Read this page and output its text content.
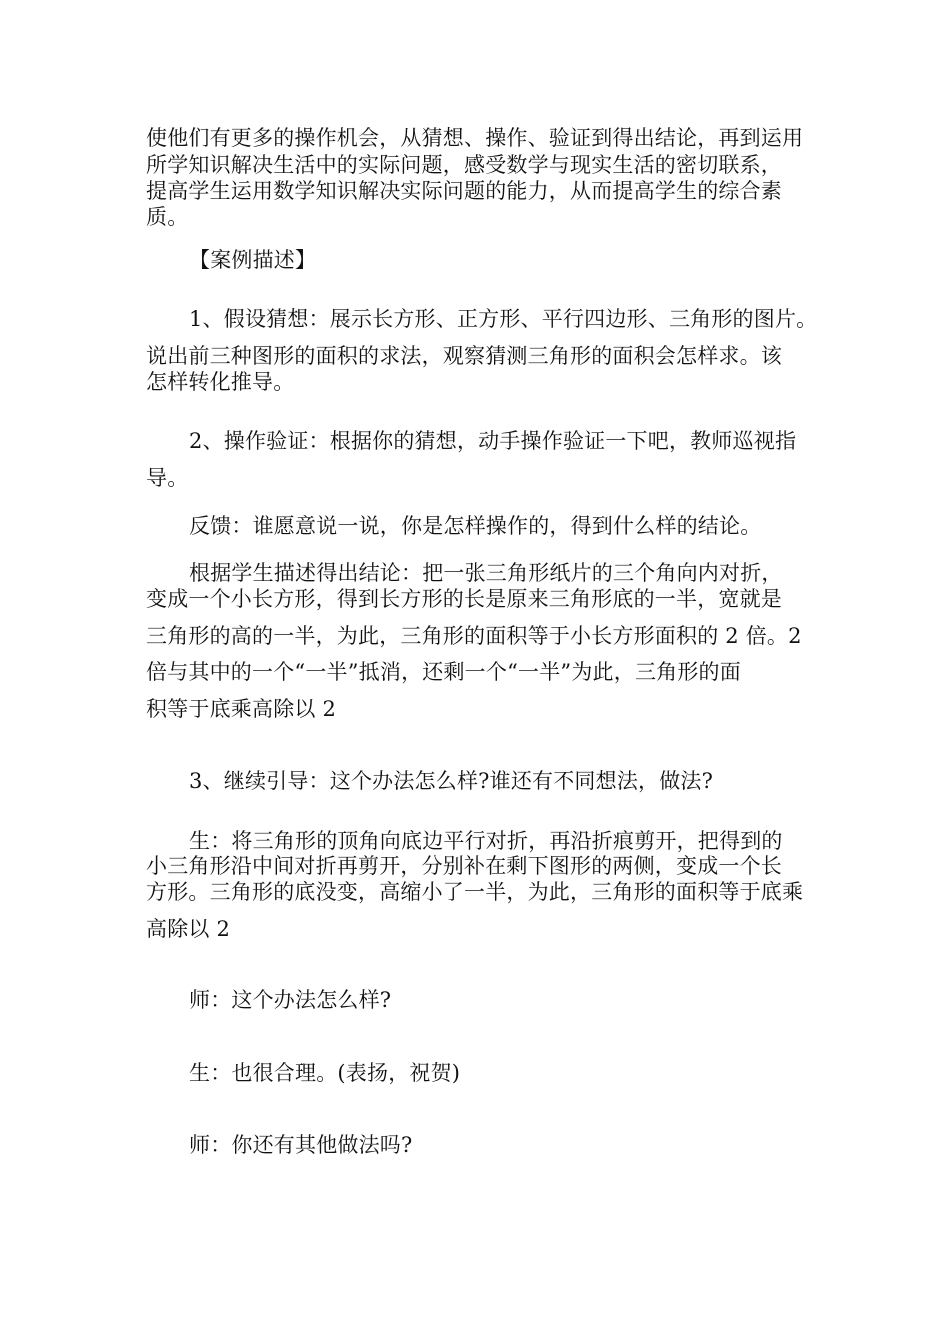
使他们有更多的操作机会，从猜想、操作、验证到得出结论，再到运用
所学知识解决生活中的实际问题，感受数学与现实生活的密切联系，
提高学生运用数学知识解决实际问题的能力，从而提高学生的综合素
质。
【案例描述】
1、假设猜想：展示长方形、正方形、平行四边形、三角形的图片。
说出前三种图形的面积的求法，观察猜测三角形的面积会怎样求。该
怎样转化推导。
2、操作验证：根据你的猜想，动手操作验证一下吧，教师巡视指
导。
反馈：谁愿意说一说，你是怎样操作的，得到什么样的结论。
根据学生描述得出结论：把一张三角形纸片的三个角向内对折，
变成一个小长方形，得到长方形的长是原来三角形底的一半，宽就是
三角形的高的一半，为此，三角形的面积等于小长方形面积的 2 倍。2
倍与其中的一个“一半”抵消，还剩一个“一半”为此，三角形的面
积等于底乘高除以 2
3、继续引导：这个办法怎么样?谁还有不同想法，做法?
生：将三角形的顶角向底边平行对折，再沿折痕剪开，把得到的
小三角形沿中间对折再剪开，分别补在剩下图形的两侧，变成一个长
方形。三角形的底没变，高缩小了一半，为此，三角形的面积等于底乘
高除以 2
师：这个办法怎么样?
生：也很合理。(表扬，祝贺)
师：你还有其他做法吗?
